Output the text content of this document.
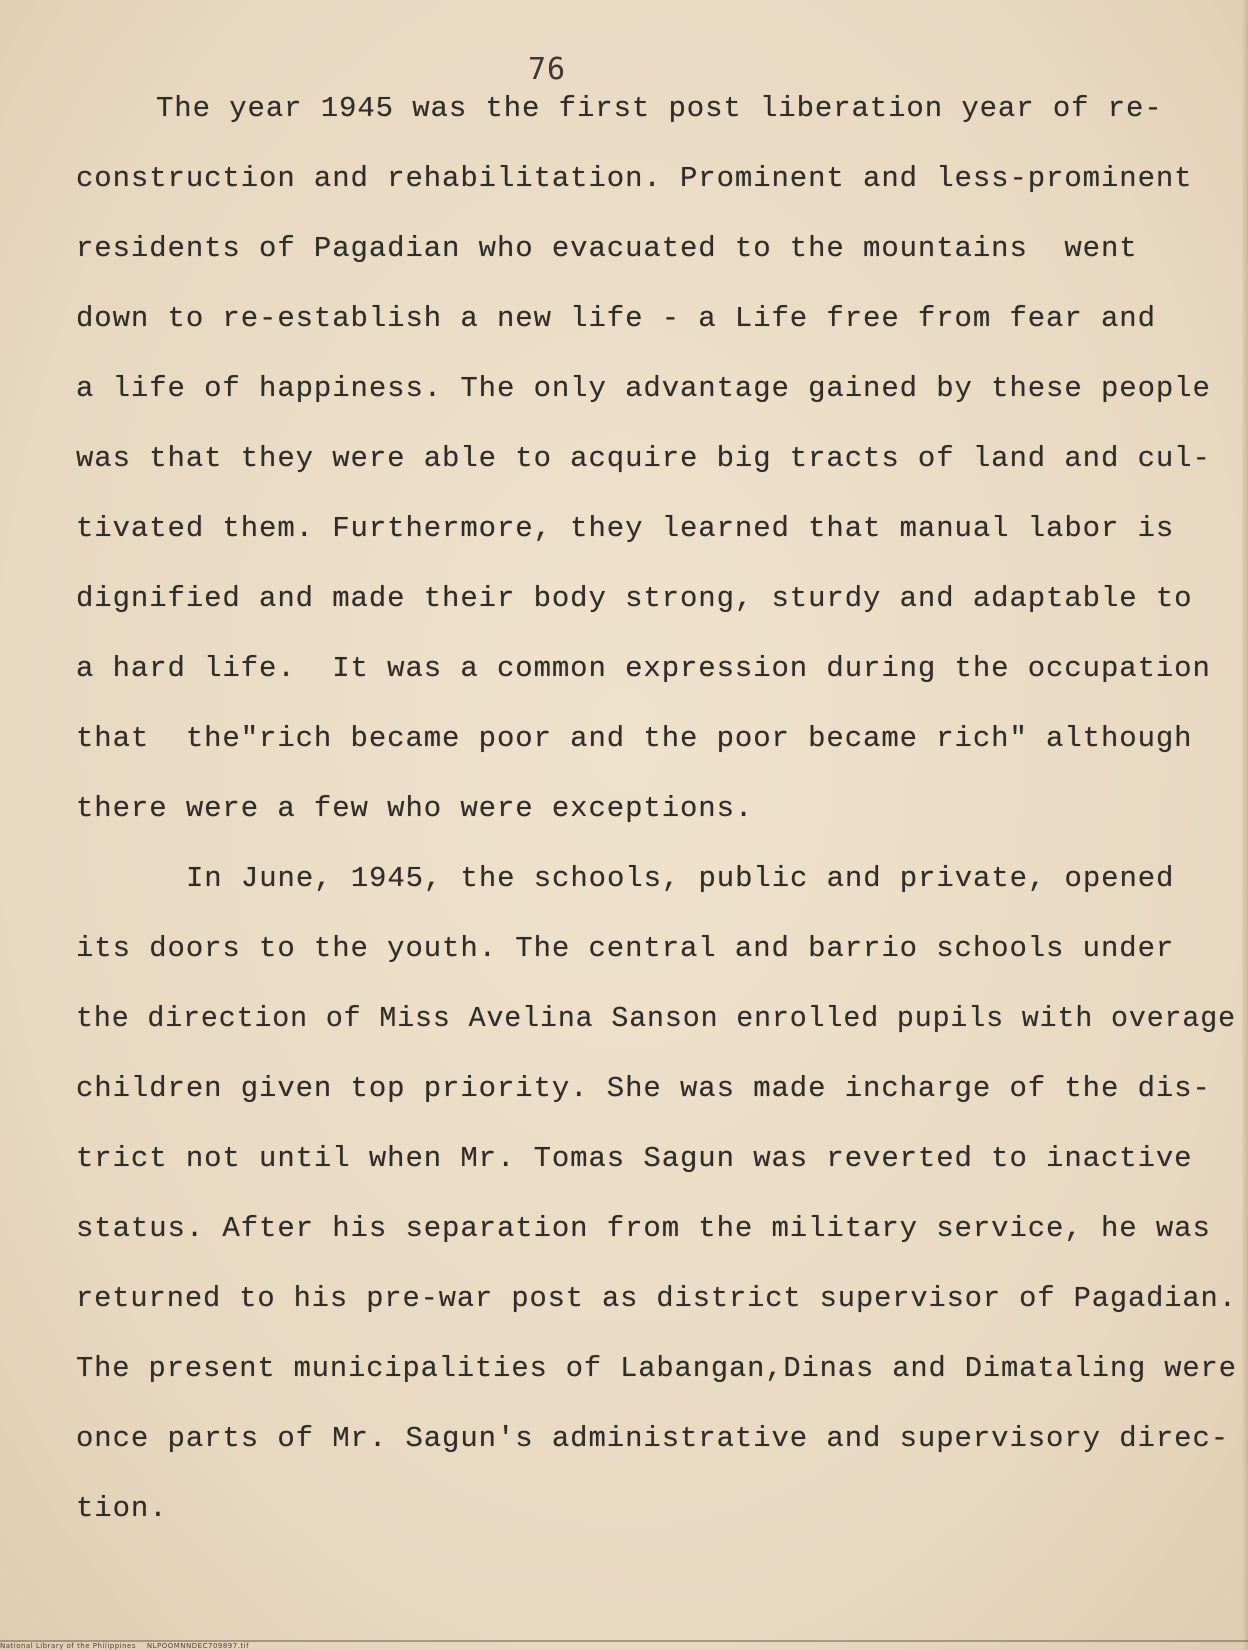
76
The year 1945 was the first post liberation year of re-
construction and rehabilitation. Prominent and less-prominent
residents of Pagadian who evacuated to the mountains  went
down to re-establish a new life - a Life free from fear and
a life of happiness. The only advantage gained by these people
was that they were able to acquire big tracts of land and cul-
tivated them. Furthermore, they learned that manual labor is
dignified and made their body strong, sturdy and adaptable to
a hard life.  It was a common expression during the occupation
that  the"rich became poor and the poor became rich" although
there were a few who were exceptions.
In June, 1945, the schools, public and private, opened
its doors to the youth. The central and barrio schools under
the direction of Miss Avelina Sanson enrolled pupils with overage
children given top priority. She was made incharge of the dis-
trict not until when Mr. Tomas Sagun was reverted to inactive
status. After his separation from the military service, he was
returned to his pre-war post as district supervisor of Pagadian.
The present municipalities of Labangan,Dinas and Dimataling were
once parts of Mr. Sagun's administrative and supervisory direc-
tion.
National Library of the Philippines    NLPOOMNNDEC709897.tif
